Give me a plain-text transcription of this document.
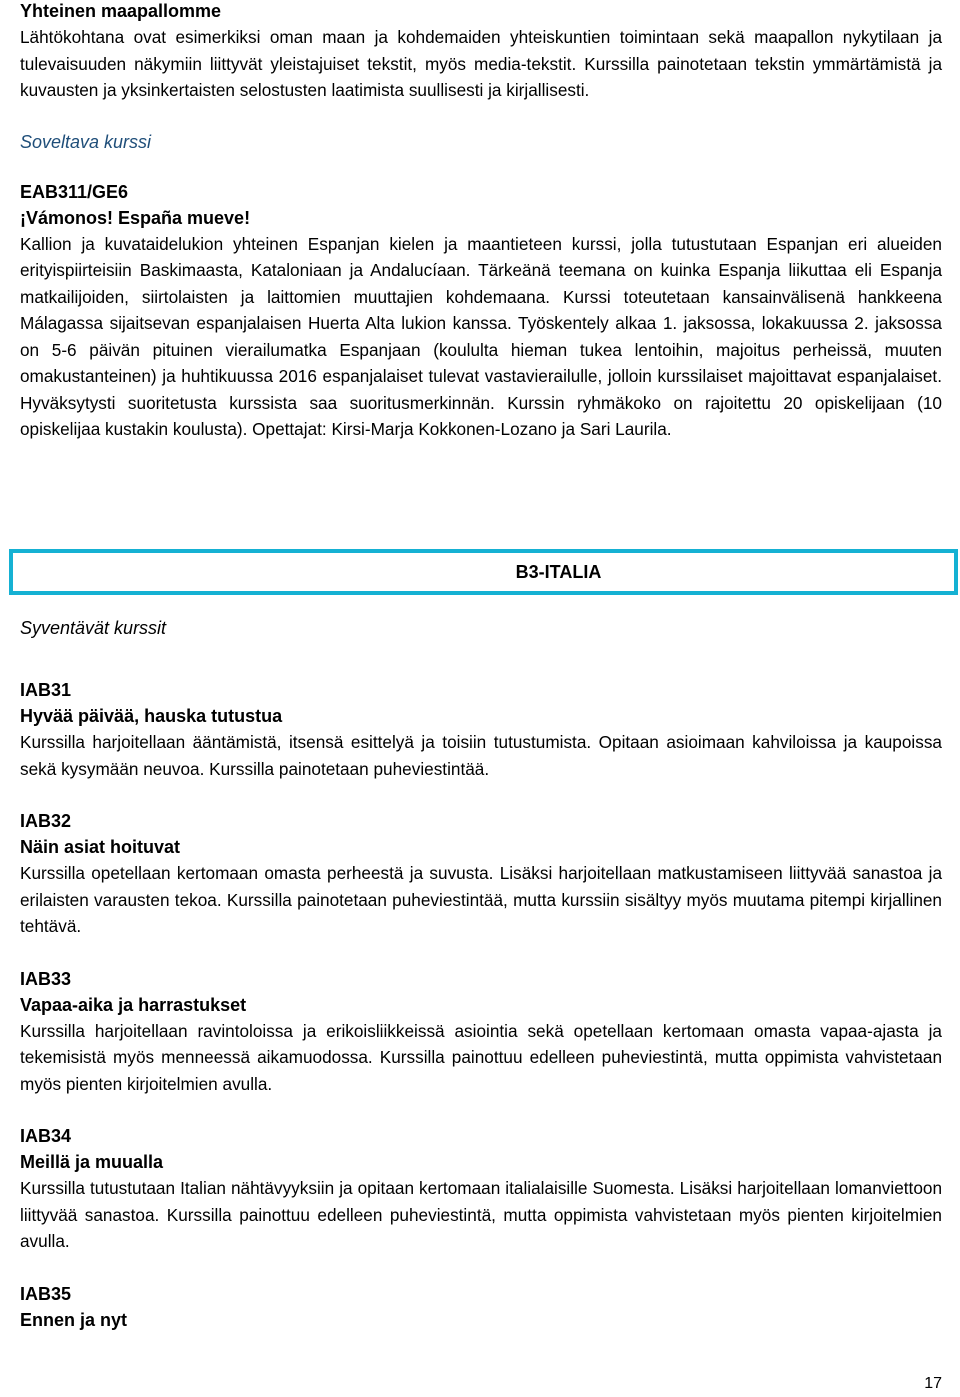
Yhteinen maapallomme

Lähtökohtana ovat esimerkiksi oman maan ja kohdemaiden yhteiskuntien toimintaan sekä maapallon nykytilaan ja tulevaisuuden näkymiin liittyvät yleistajuiset tekstit, myös media-tekstit. Kurssilla painotetaan tekstin ymmärtämistä ja kuvausten ja yksinkertaisten selostusten laatimista suullisesti ja kirjallisesti.

Soveltava kurssi
EAB311/GE6
¡Vámonos! España mueve!

Kallion ja kuvataidelukion yhteinen Espanjan kielen ja maantieteen kurssi, jolla tutustutaan Espanjan eri alueiden erityispiirteisiin Baskimaasta, Kataloniaan ja Andalucíaan. Tärkeänä teemana on kuinka Espanja liikuttaa eli Espanja matkailijoiden, siirtolaisten ja laittomien muuttajien kohdemaana. Kurssi toteutetaan kansainvälisenä hankkeena Málagassa sijaitsevan espanjalaisen Huerta Alta lukion kanssa. Työskentely alkaa 1. jaksossa, lokakuussa 2. jaksossa on 5-6 päivän pituinen vierailumatka Espanjaan (koululta hieman tukea lentoihin, majoitus perheissä, muuten omakustanteinen) ja huhtikuussa 2016 espanjalaiset tulevat vastavierailulle, jolloin kurssilaiset majoittavat espanjalaiset. Hyväksytysti suoritetusta kurssista saa suoritusmerkinnän. Kurssin ryhmäkoko on rajoitettu 20 opiskelijaan (10 opiskelijaa kustakin koulusta). Opettajat: Kirsi-Marja Kokkonen-Lozano ja Sari Laurila.

B3-ITALIA
Syventävät kurssit
IAB31
Hyvää päivää, hauska tutustua

Kurssilla harjoitellaan ääntämistä, itsensä esittelyä ja toisiin tutustumista. Opitaan asioimaan kahviloissa ja kaupoissa sekä kysymään neuvoa. Kurssilla painotetaan puheviestintää.

IAB32
Näin asiat hoituvat

Kurssilla opetellaan kertomaan omasta perheestä ja suvusta. Lisäksi harjoitellaan matkustamiseen liittyvää sanastoa ja erilaisten varausten tekoa. Kurssilla painotetaan puheviestintää, mutta kurssiin sisältyy myös muutama pitempi kirjallinen tehtävä.

IAB33
Vapaa-aika ja harrastukset

Kurssilla harjoitellaan ravintoloissa ja erikoisliikkeissä asiointia sekä opetellaan kertomaan omasta vapaa-ajasta ja tekemisistä myös menneessä aikamuodossa. Kurssilla painottuu edelleen puheviestintä, mutta oppimista vahvistetaan myös pienten kirjoitelmien avulla.

IAB34
Meillä ja muualla

Kurssilla tutustutaan Italian nähtävyyksiin ja opitaan kertomaan italialaisille Suomesta. Lisäksi harjoitellaan lomanviettoon liittyvää sanastoa. Kurssilla painottuu edelleen puheviestintä, mutta oppimista vahvistetaan myös pienten kirjoitelmien avulla.

IAB35
Ennen ja nyt
17
